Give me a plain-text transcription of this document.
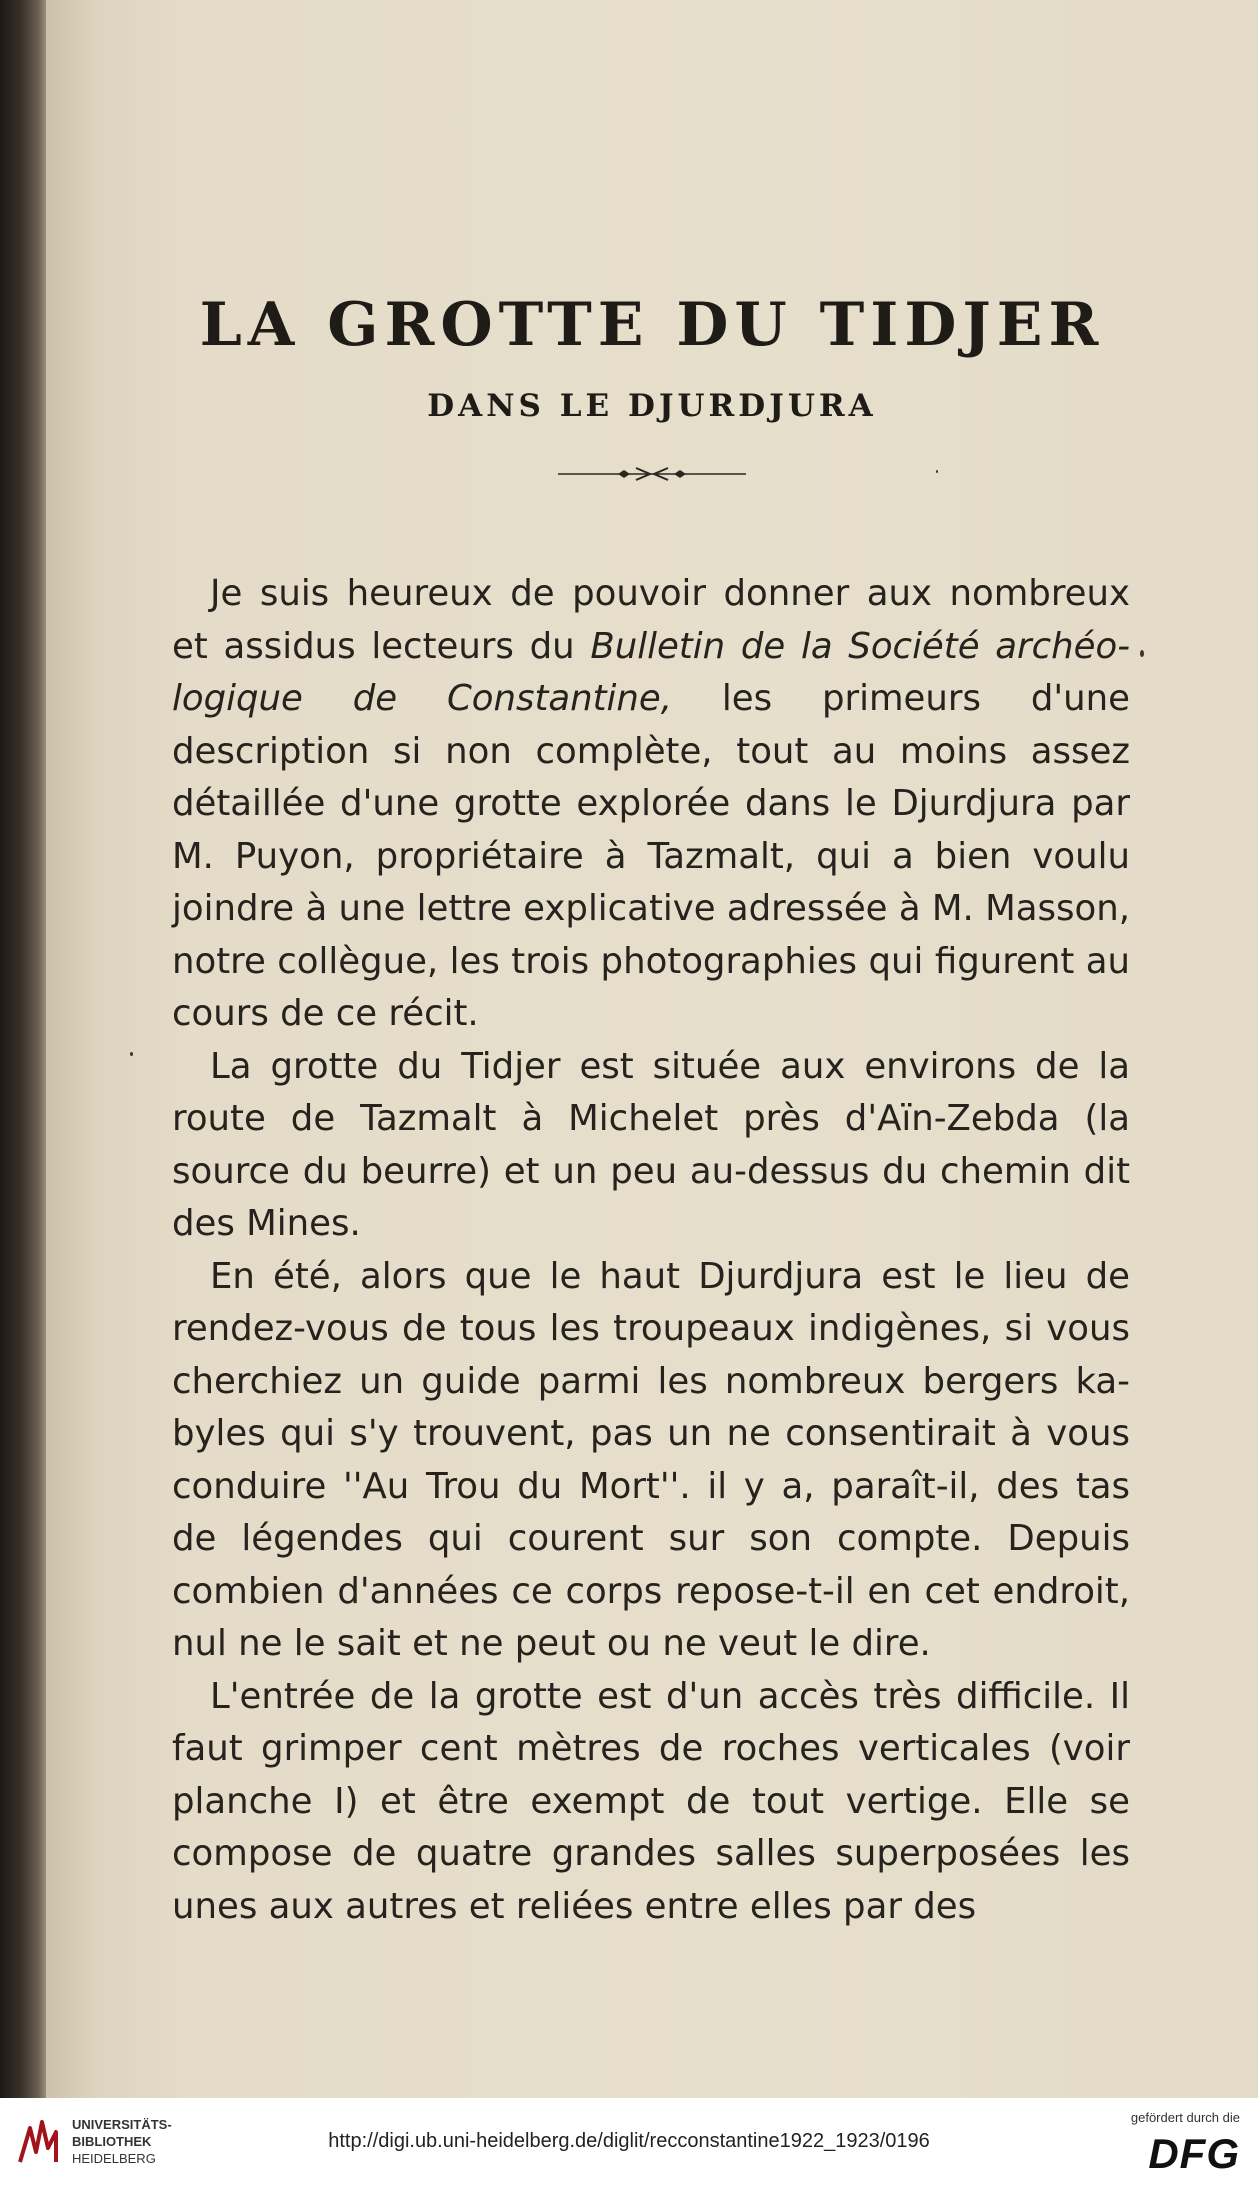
LA GROTTE DU TIDJER
DANS LE DJURDJURA

Je suis heureux de pouvoir donner aux nombreux et assidus lecteurs du Bulletin de la Société archéo-logique de Constantine, les primeurs d'une description si non complète, tout au moins assez détaillée d'une grotte explorée dans le Djurdjura par M. Puyon, propriétaire à Tazmalt, qui a bien voulu joindre à une lettre explicative adressée à M. Masson, notre collègue, les trois photographies qui figurent au cours de ce récit.

La grotte du Tidjer est située aux environs de la route de Tazmalt à Michelet près d'Aïn-Zebda (la source du beurre) et un peu au-dessus du chemin dit des Mines.

En été, alors que le haut Djurdjura est le lieu de rendez-vous de tous les troupeaux indigènes, si vous cherchiez un guide parmi les nombreux bergers ka-byles qui s'y trouvent, pas un ne consentirait à vous conduire ''Au Trou du Mort''. il y a, paraît-il, des tas de légendes qui courent sur son compte. Depuis combien d'années ce corps repose-t-il en cet endroit, nul ne le sait et ne peut ou ne veut le dire.

L'entrée de la grotte est d'un accès très difficile. Il faut grimper cent mètres de roches verticales (voir planche I) et être exempt de tout vertige. Elle se compose de quatre grandes salles superposées les unes aux autres et reliées entre elles par des

UNIVERSITÄTS-
BIBLIOTHEK
HEIDELBERG
http://digi.ub.uni-heidelberg.de/diglit/recconstantine1922_1923/0196
gefördert durch die
DFG
